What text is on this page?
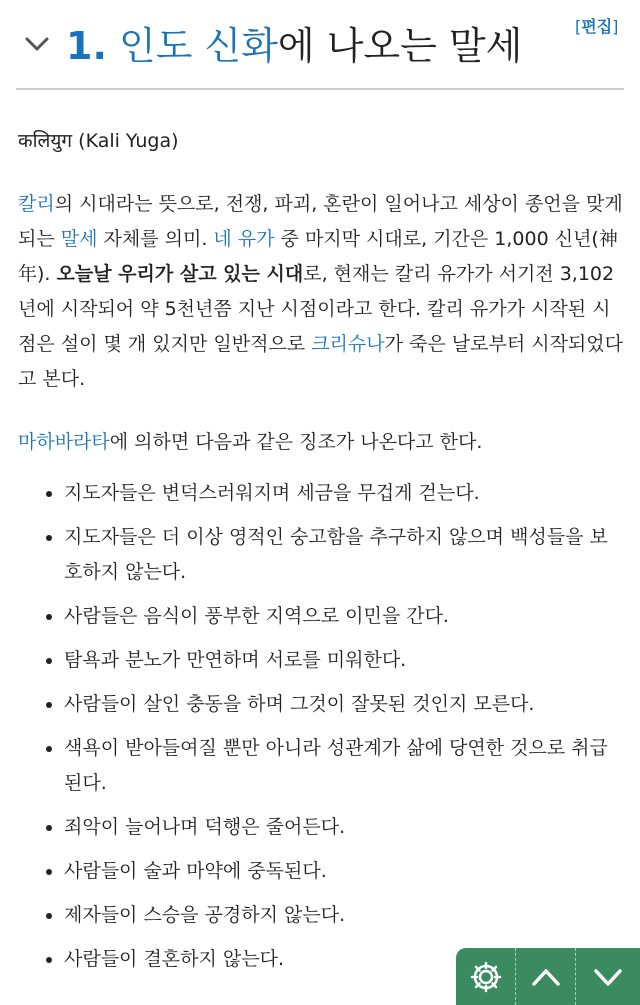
1. 인도 신화에 나오는 말세	[편집]

कलियुग (Kali Yuga)

칼리의 시대라는 뜻으로, 전쟁, 파괴, 혼란이 일어나고 세상이 종언을 맞게되는 말세 자체를 의미. 네 유가 중 마지막 시대로, 기간은 1,000 신년(神年). 오늘날 우리가 살고 있는 시대로, 현재는 칼리 유가가 서기전 3,102년에 시작되어 약 5천년쯤 지난 시점이라고 한다. 칼리 유가가 시작된 시점은 설이 몇 개 있지만 일반적으로 크리슈나가 죽은 날로부터 시작되었다고 본다.

마하바라타에 의하면 다음과 같은 징조가 나온다고 한다.

지도자들은 변덕스러워지며 세금을 무겁게 걷는다.
지도자들은 더 이상 영적인 숭고함을 추구하지 않으며 백성들을 보호하지 않는다.
사람들은 음식이 풍부한 지역으로 이민을 간다.
탐욕과 분노가 만연하며 서로를 미워한다.
사람들이 살인 충동을 하며 그것이 잘못된 것인지 모른다.
색욕이 받아들여질 뿐만 아니라 성관계가 삶에 당연한 것으로 취급된다.
죄악이 늘어나며 덕행은 줄어든다.
사람들이 술과 마약에 중독된다.
제자들이 스승을 공경하지 않는다.
사람들이 결혼하지 않는다.
